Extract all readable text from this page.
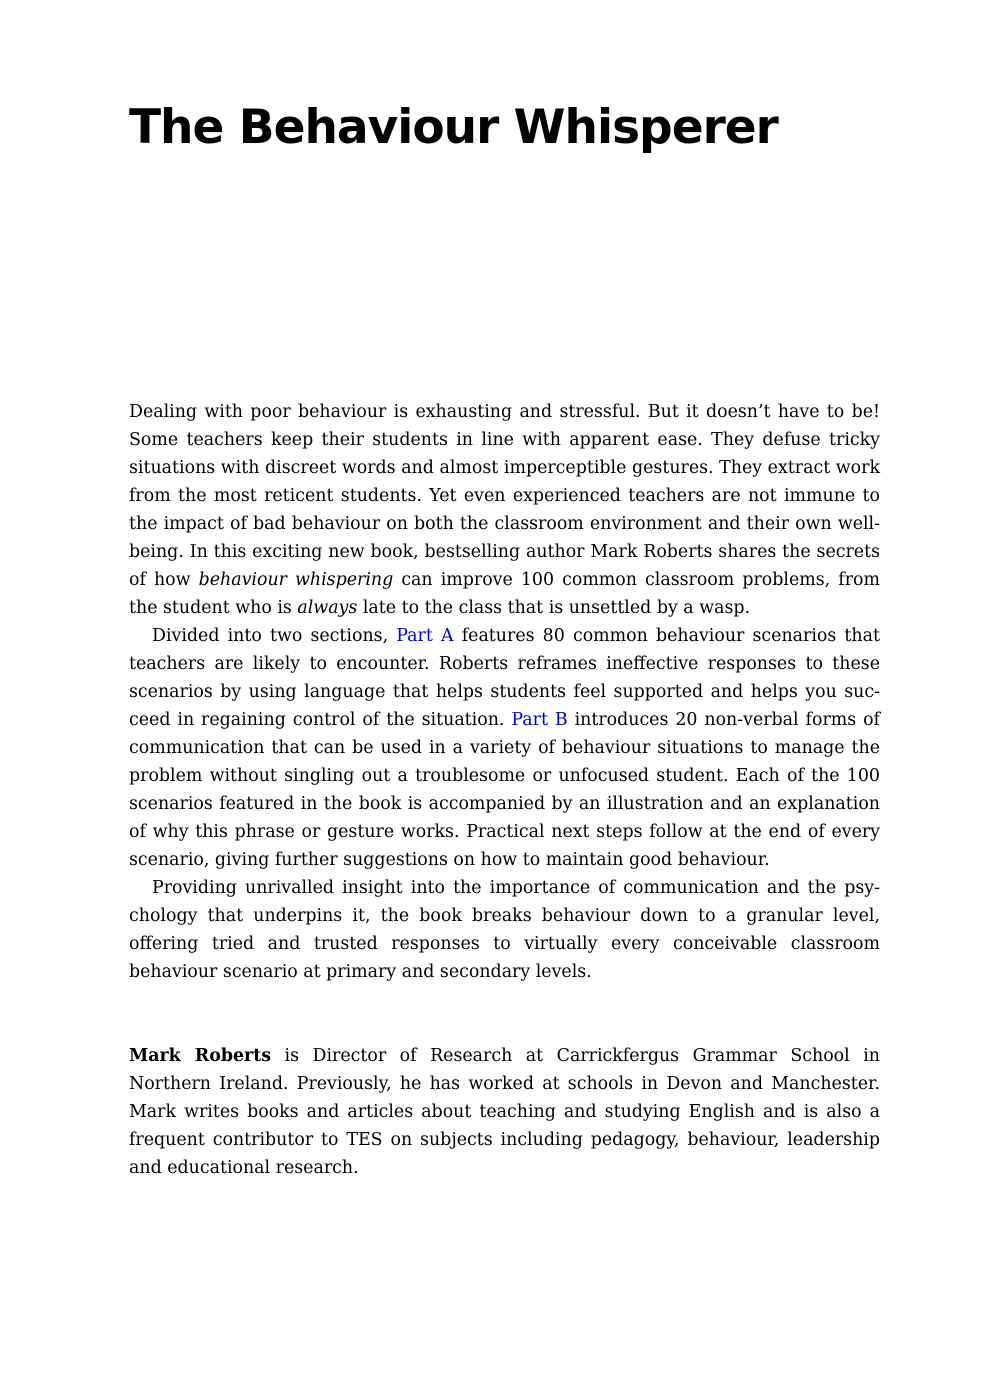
The Behaviour Whisperer

Dealing with poor behaviour is exhausting and stressful. But it doesn’t have to be! Some teachers keep their students in line with apparent ease. They defuse tricky situations with discreet words and almost imperceptible gestures. They extract work from the most reticent students. Yet even experienced teachers are not immune to the impact of bad behaviour on both the classroom environment and their own well-being. In this exciting new book, bestselling author Mark Roberts shares the secrets of how behaviour whispering can improve 100 common classroom problems, from the student who is always late to the class that is unsettled by a wasp.

Divided into two sections, Part A features 80 common behaviour scenarios that teachers are likely to encounter. Roberts reframes ineffective responses to these scenarios by using language that helps students feel supported and helps you succeed in regaining control of the situation. Part B introduces 20 non-verbal forms of communication that can be used in a variety of behaviour situations to manage the problem without singling out a troublesome or unfocused student. Each of the 100 scenarios featured in the book is accompanied by an illustration and an explanation of why this phrase or gesture works. Practical next steps follow at the end of every scenario, giving further suggestions on how to maintain good behaviour.

Providing unrivalled insight into the importance of communication and the psychology that underpins it, the book breaks behaviour down to a granular level, offering tried and trusted responses to virtually every conceivable classroom behaviour scenario at primary and secondary levels.

Mark Roberts is Director of Research at Carrickfergus Grammar School in Northern Ireland. Previously, he has worked at schools in Devon and Manchester. Mark writes books and articles about teaching and studying English and is also a frequent contributor to TES on subjects including pedagogy, behaviour, leadership and educational research.
